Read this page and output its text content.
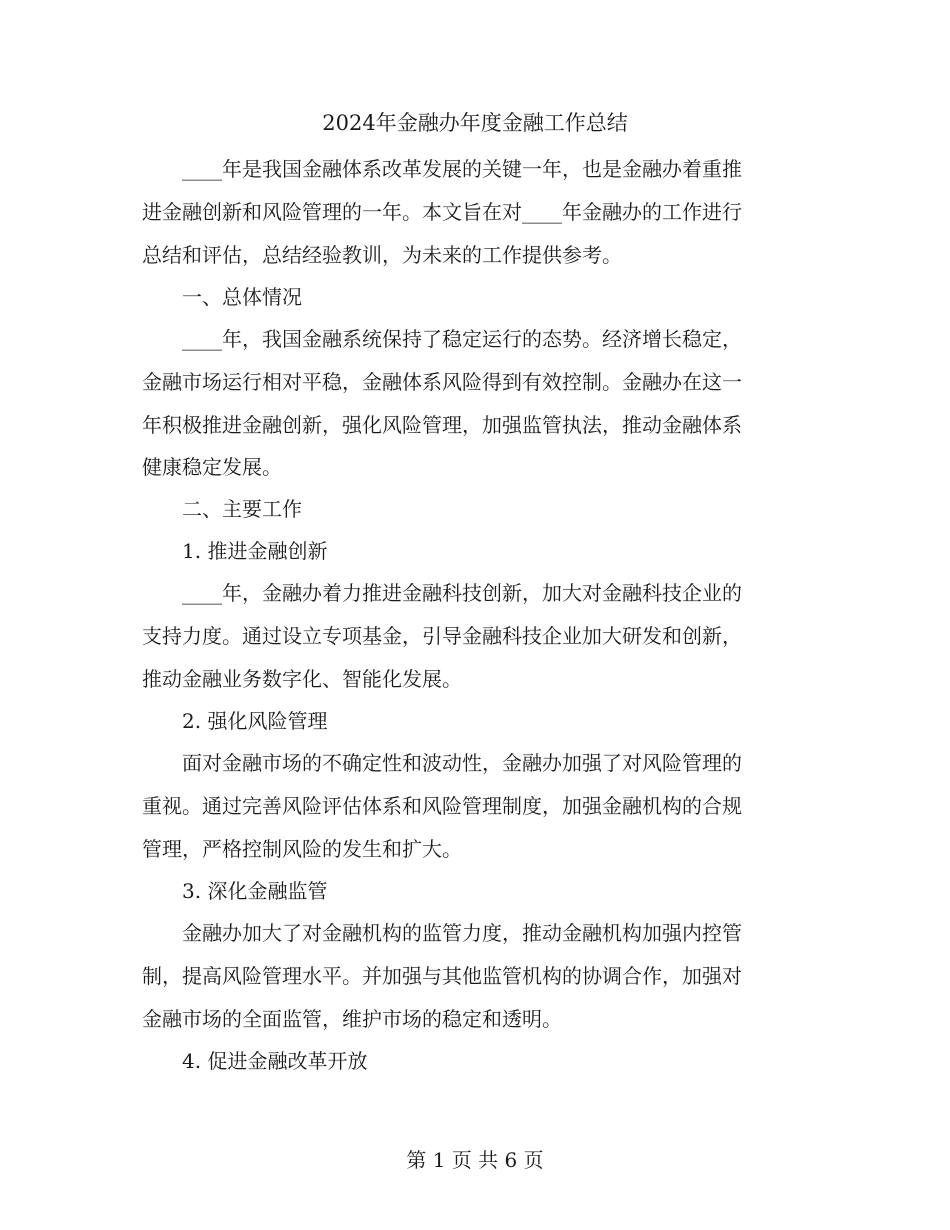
2024年金融办年度金融工作总结
　　____年是我国金融体系改革发展的关键一年，也是金融办着重推
进金融创新和风险管理的一年。本文旨在对____年金融办的工作进行
总结和评估，总结经验教训，为未来的工作提供参考。
　　一、总体情况
　　____年，我国金融系统保持了稳定运行的态势。经济增长稳定，
金融市场运行相对平稳，金融体系风险得到有效控制。金融办在这一
年积极推进金融创新，强化风险管理，加强监管执法，推动金融体系
健康稳定发展。
　　二、主要工作
　　1. 推进金融创新
　　____年，金融办着力推进金融科技创新，加大对金融科技企业的
支持力度。通过设立专项基金，引导金融科技企业加大研发和创新，
推动金融业务数字化、智能化发展。
　　2. 强化风险管理
　　面对金融市场的不确定性和波动性，金融办加强了对风险管理的
重视。通过完善风险评估体系和风险管理制度，加强金融机构的合规
管理，严格控制风险的发生和扩大。
　　3. 深化金融监管
　　金融办加大了对金融机构的监管力度，推动金融机构加强内控管
制，提高风险管理水平。并加强与其他监管机构的协调合作，加强对
金融市场的全面监管，维护市场的稳定和透明。
　　4. 促进金融改革开放
第 1 页 共 6 页
